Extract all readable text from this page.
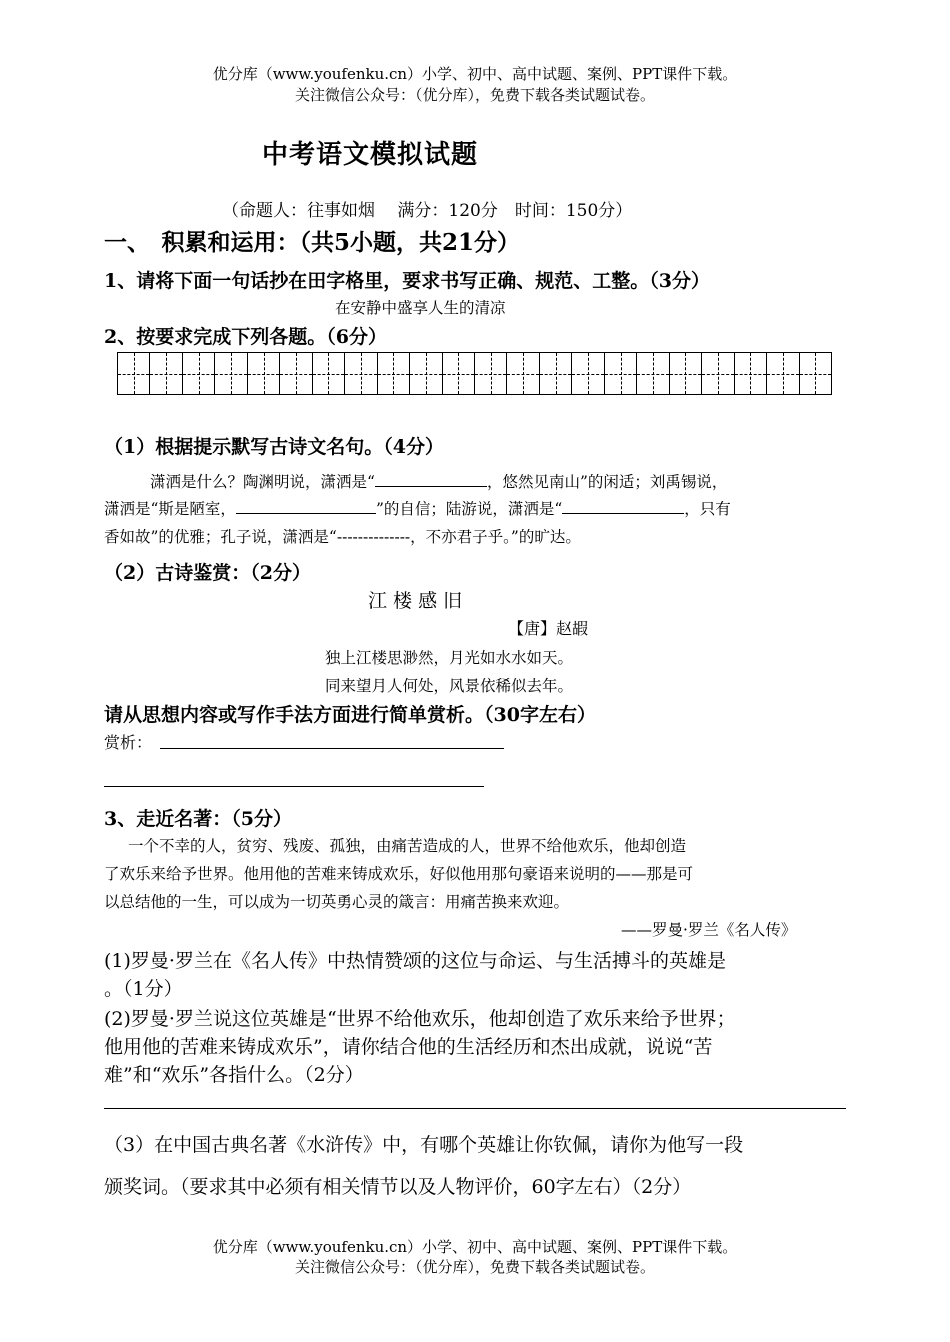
优分库（www.youfenku.cn）小学、初中、高中试题、案例、PPT课件下载。
关注微信公众号：（优分库），免费下载各类试题试卷。
中考语文模拟试题
（命题人：往事如烟　 满分：120分　时间：150分）
一、　积累和运用：（共5小题，共21分）
1、请将下面一句话抄在田字格里，要求书写正确、规范、工整。（3分）
在安静中盛享人生的清凉
2、按要求完成下列各题。（6分）
（1）根据提示默写古诗文名句。（4分）
潇洒是什么？陶渊明说，潇洒是“	，悠然见南山”的闲适；刘禹锡说，
潇洒是“斯是陋室，	”的自信；陆游说，潇洒是“	，只有
香如故”的优雅；孔子说，潇洒是“--------------，不亦君子乎。”的旷达。
（2）古诗鉴赏：（2分）
江 楼 感 旧
【唐】赵嘏
独上江楼思渺然，月光如水水如天。
同来望月人何处，风景依稀似去年。
请从思想内容或写作手法方面进行简单赏析。（30字左右）
赏析：
3、走近名著：（5分）
一个不幸的人，贫穷、残废、孤独，由痛苦造成的人，世界不给他欢乐，他却创造
了欢乐来给予世界。他用他的苦难来铸成欢乐，好似他用那句豪语来说明的——那是可
以总结他的一生，可以成为一切英勇心灵的箴言：用痛苦换来欢迎。
——罗曼·罗兰《名人传》
(1)罗曼·罗兰在《名人传》中热情赞颂的这位与命运、与生活搏斗的英雄是
。（1分）
(2)罗曼·罗兰说这位英雄是“世界不给他欢乐，他却创造了欢乐来给予世界；
他用他的苦难来铸成欢乐”，请你结合他的生活经历和杰出成就，说说“苦
难”和“欢乐”各指什么。（2分）
（3）在中国古典名著《水浒传》中，有哪个英雄让你钦佩，请你为他写一段
颁奖词。（要求其中必须有相关情节以及人物评价，60字左右）（2分）
优分库（www.youfenku.cn）小学、初中、高中试题、案例、PPT课件下载。
关注微信公众号：（优分库），免费下载各类试题试卷。
